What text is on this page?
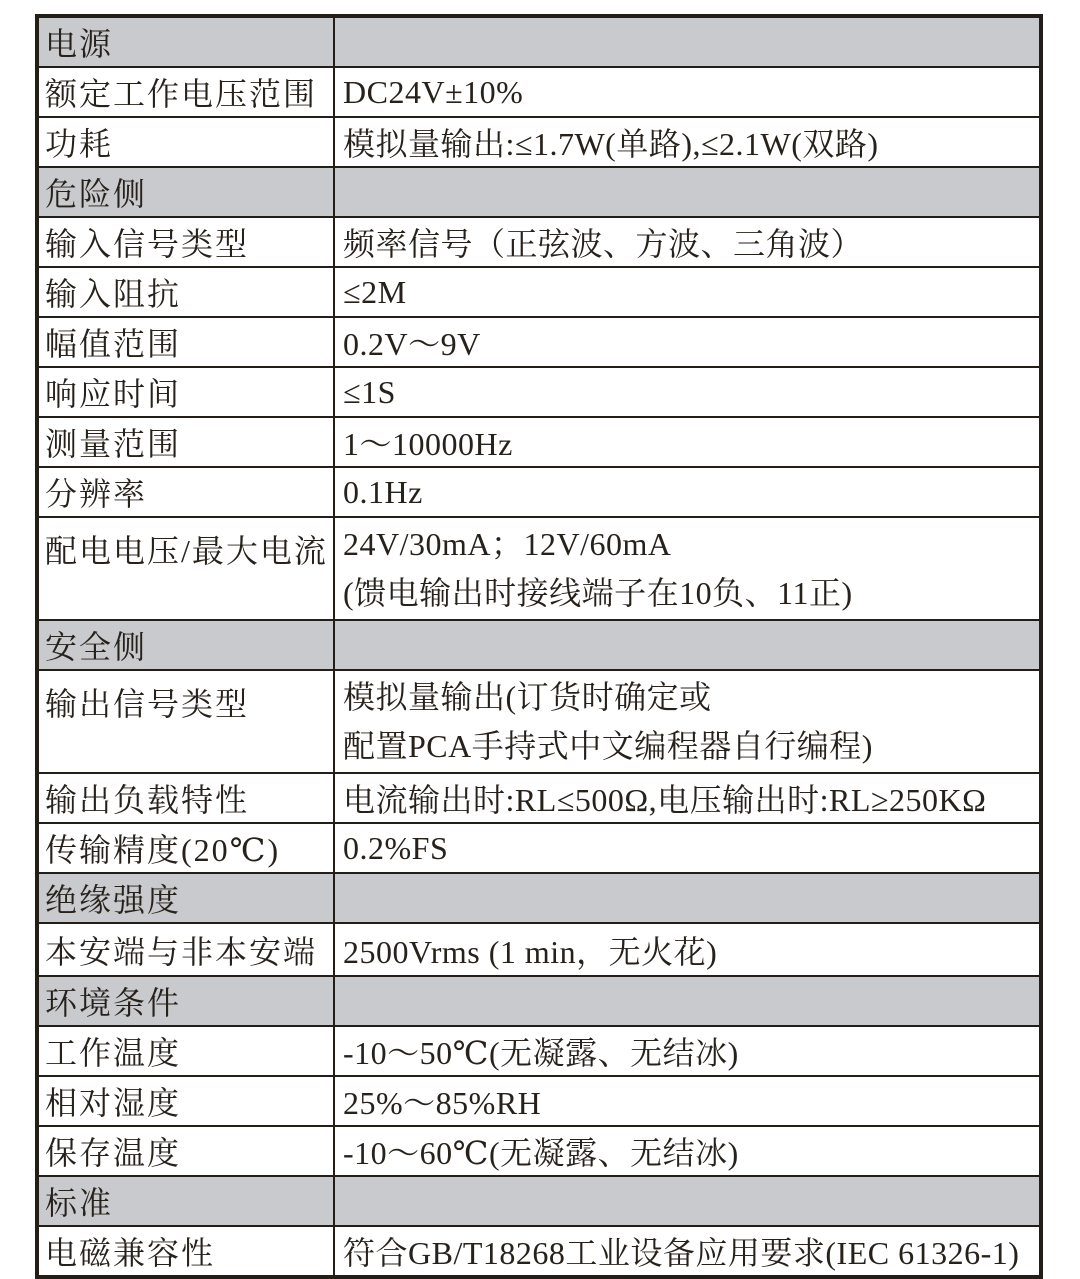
电源	
额定工作电压范围	DC24V±10%
功耗	模拟量输出:≤1.7W(单路),≤2.1W(双路)
危险侧	
输入信号类型	频率信号（正弦波、方波、三角波）
输入阻抗	≤2M
幅值范围	0.2V～9V
响应时间	≤1S
测量范围	1～10000Hz
分辨率	0.1Hz
配电电压/最大电流	24V/30mA；12V/60mA
(馈电输出时接线端子在10负、11正)

安全侧	
输出信号类型	模拟量输出(订货时确定或
配置PCA手持式中文编程器自行编程)

输出负载特性	电流输出时:RL≤500Ω,电压输出时:RL≥250KΩ
传输精度(20℃)	0.2%FS
绝缘强度	
本安端与非本安端	2500Vrms (1 min，无火花)
环境条件	
工作温度	-10～50℃(无凝露、无结冰)
相对湿度	25%～85%RH
保存温度	-10～60℃(无凝露、无结冰)
标准	
电磁兼容性	符合GB/T18268工业设备应用要求(IEC 61326-1)
